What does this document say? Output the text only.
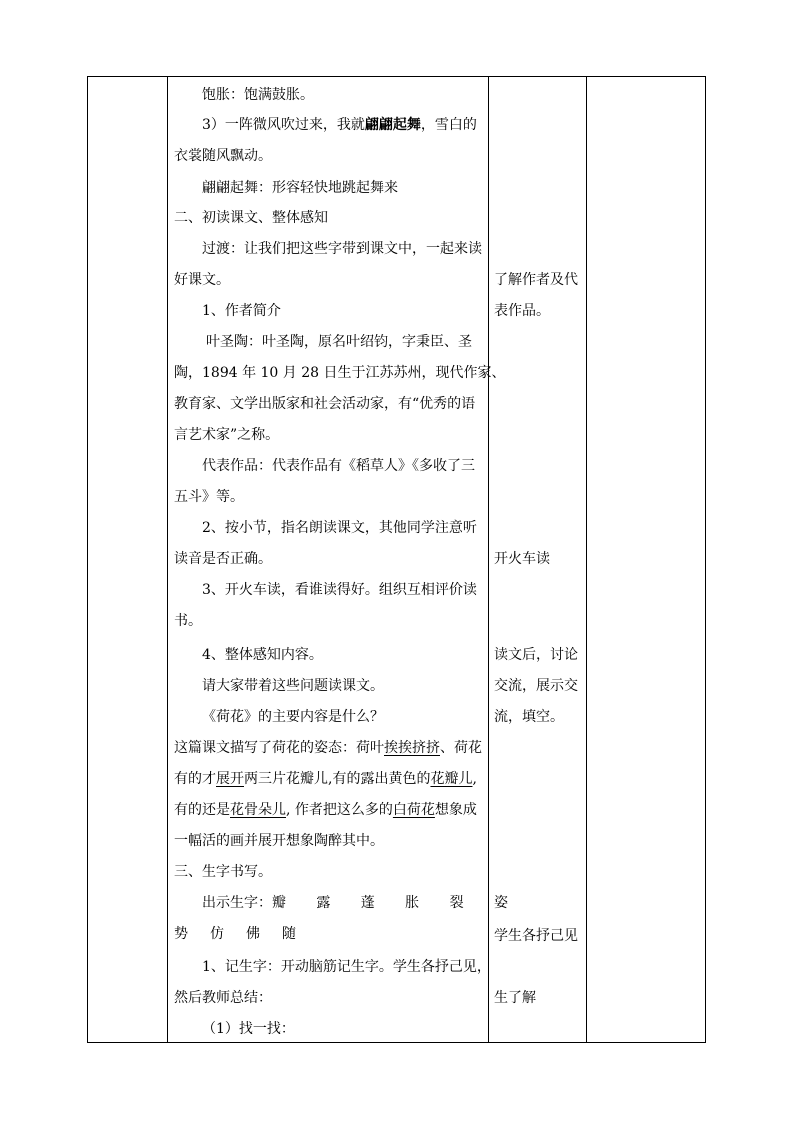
饱胀：饱满鼓胀。
3）一阵微风吹过来，我就翩翩起舞，雪白的
衣裳随风飘动。
翩翩起舞：形容轻快地跳起舞来
二、初读课文、整体感知
过渡：让我们把这些字带到课文中，一起来读
好课文。
1、作者简介
叶圣陶：叶圣陶，原名叶绍钧，字秉臣、圣
陶，1894 年 10 月 28 日生于江苏苏州，现代作家、
教育家、文学出版家和社会活动家，有“优秀的语
言艺术家”之称。
代表作品：代表作品有《稻草人》《多收了三
五斗》等。
2、按小节，指名朗读课文，其他同学注意听
读音是否正确。
3、开火车读，看谁读得好。组织互相评价读
书。
4、整体感知内容。
请大家带着这些问题读课文。
《荷花》的主要内容是什么？
这篇课文描写了荷花的姿态：荷叶挨挨挤挤、荷花
有的才展开两三片花瓣儿,有的露出黄色的花瓣儿,
有的还是花骨朵儿, 作者把这么多的白荷花想象成
一幅活的画并展开想象陶醉其中。
三、生字书写。
出示生字：瓣 露 蓬 胀 裂 姿
势 仿 佛 随
1、记生字：开动脑筋记生字。学生各抒己见，
然后教师总结：
（1）找一找：
了解作者及代
表作品。
开火车读
读文后，讨论
交流，展示交
流，填空。
学生各抒己见
生了解
